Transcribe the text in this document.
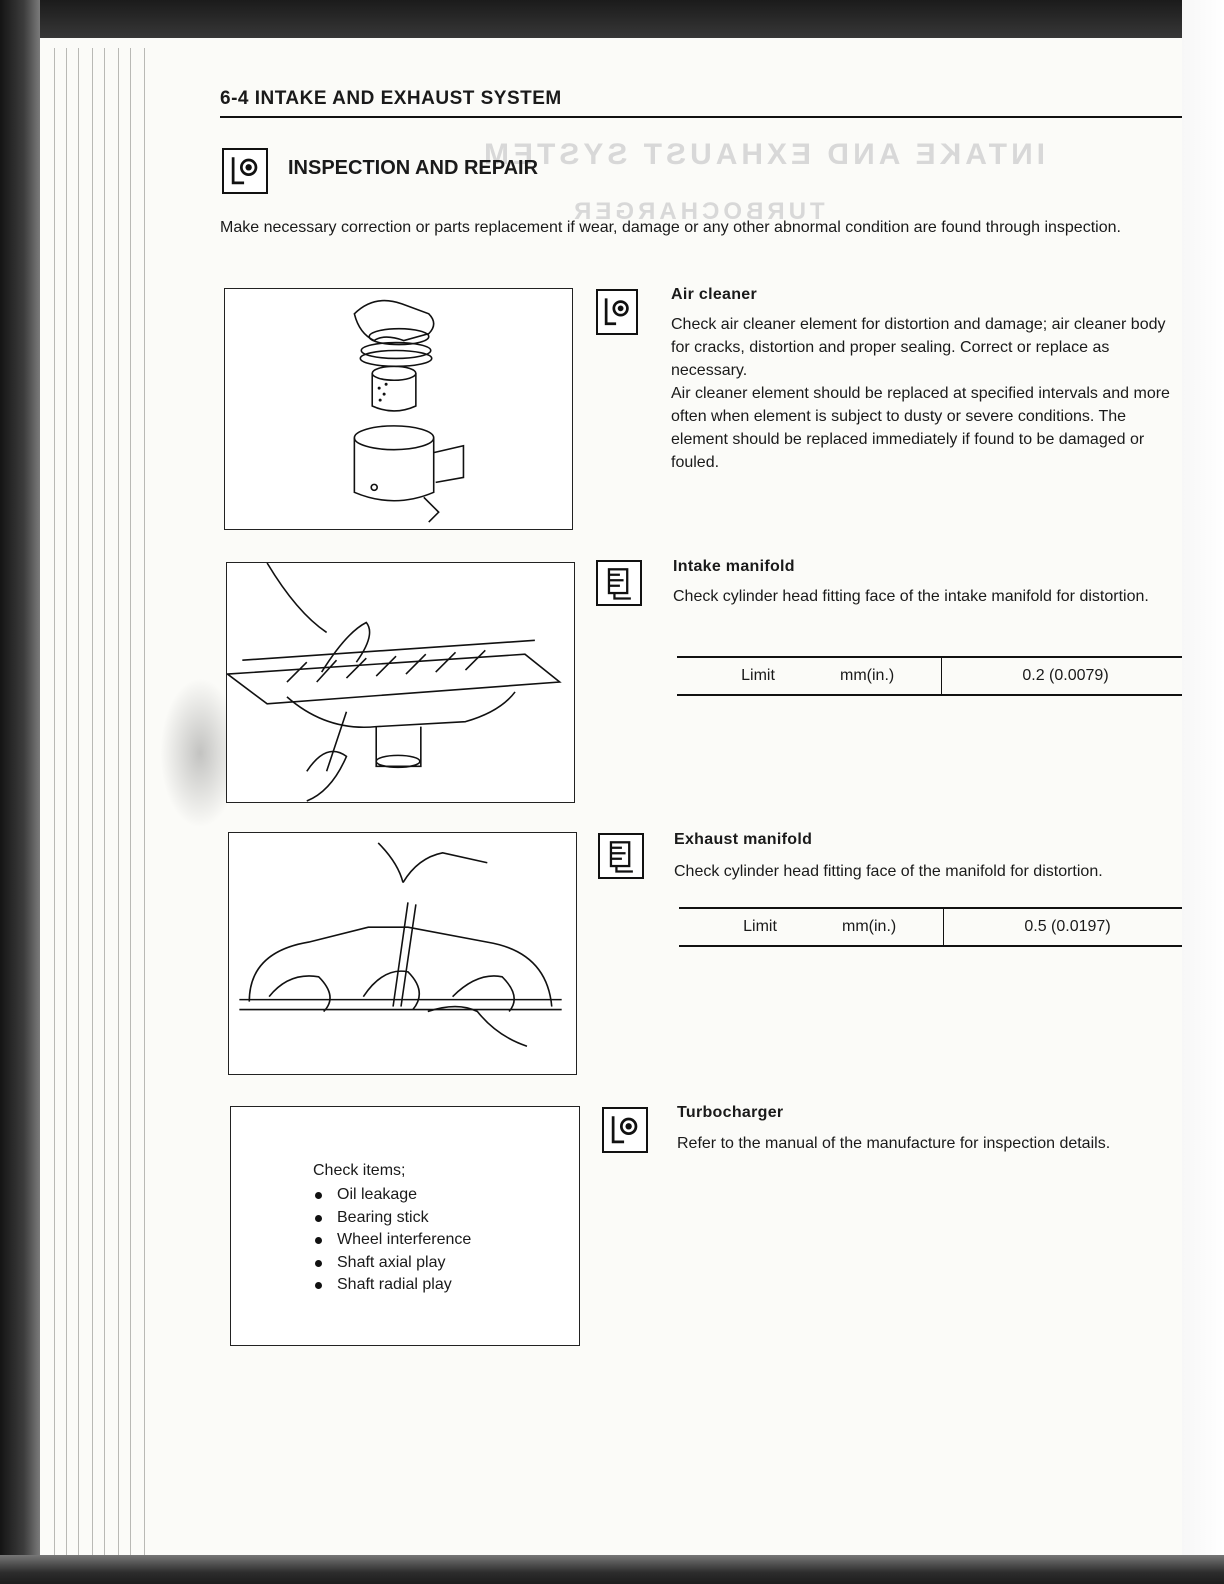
INTAKE AND EXHAUST SYSTEM
TURBOCHARGER
6-4 INTAKE AND EXHAUST SYSTEM
INSPECTION AND REPAIR
Make necessary correction or parts replacement if wear, damage or any other abnormal condition are found through inspection.
Air cleaner
Check air cleaner element for distortion and damage; air cleaner body for cracks, distortion and proper sealing. Correct or replace as necessary.
Air cleaner element should be replaced at specified intervals and more often when element is subject to dusty or severe conditions. The element should be replaced immediately if found to be damaged or fouled.
Intake manifold
Check cylinder head fitting face of the intake manifold for distortion.
Limit	mm(in.)	0.2 (0.0079)
Exhaust manifold
Check cylinder head fitting face of the manifold for distortion.
Limit	mm(in.)	0.5 (0.0197)
Check items;
Oil leakage
Bearing stick
Wheel interference
Shaft axial play
Shaft radial play
Turbocharger
Refer to the manual of the manufacture for inspection details.
